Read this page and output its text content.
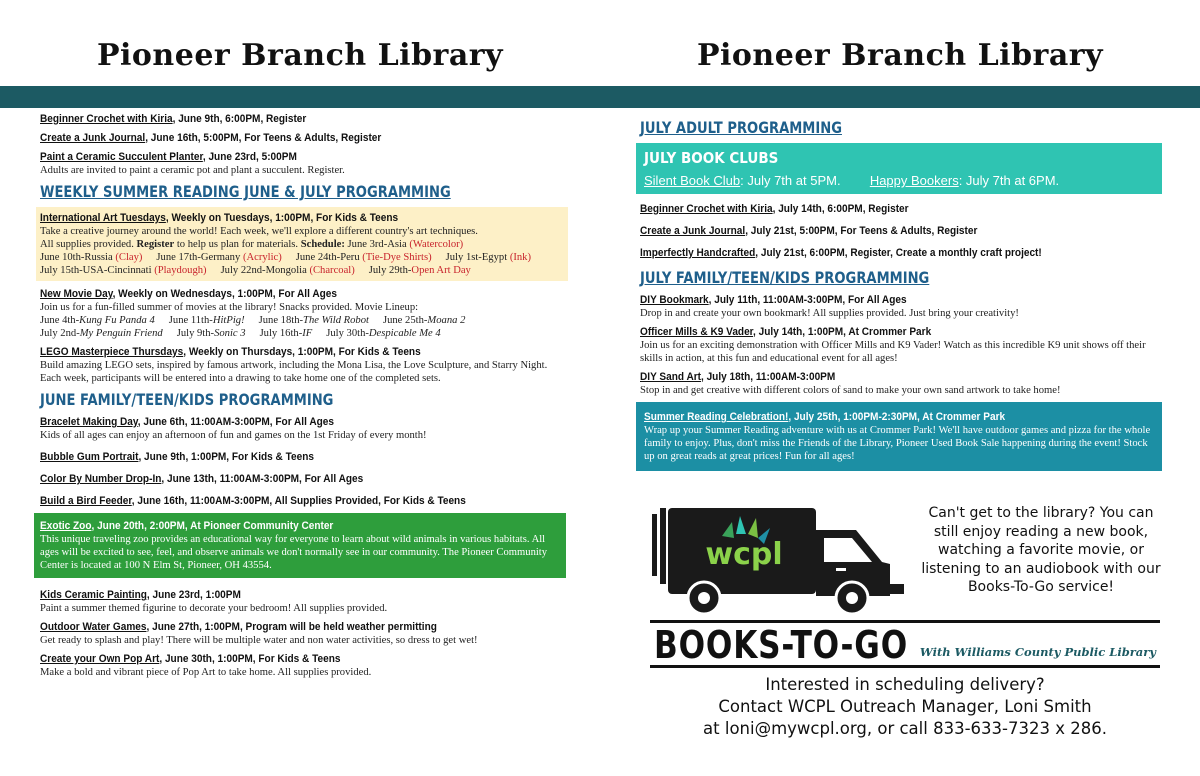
Pioneer Branch Library	Pioneer Branch Library
Beginner Crochet with Kiria, June 9th, 6:00PM, Register
Create a Junk Journal, June 16th, 5:00PM, For Teens & Adults, Register
Paint a Ceramic Succulent Planter, June 23rd, 5:00PM
Adults are invited to paint a ceramic pot and plant a succulent. Register.
WEEKLY SUMMER READING JUNE & JULY PROGRAMMING
International Art Tuesdays, Weekly on Tuesdays, 1:00PM, For Kids & Teens
Take a creative journey around the world! Each week, we'll explore a different country's art techniques.
All supplies provided. Register to help us plan for materials. Schedule: June 3rd-Asia (Watercolor)
June 10th-Russia (Clay) June 17th-Germany (Acrylic) June 24th-Peru (Tie-Dye Shirts) July 1st-Egypt (Ink)
July 15th-USA-Cincinnati (Playdough) July 22nd-Mongolia (Charcoal) July 29th-Open Art Day
New Movie Day, Weekly on Wednesdays, 1:00PM, For All Ages
Join us for a fun-filled summer of movies at the library! Snacks provided. Movie Lineup:
June 4th-Kung Fu Panda 4 June 11th-HitPig! June 18th-The Wild Robot June 25th-Moana 2
July 2nd-My Penguin Friend July 9th-Sonic 3 July 16th-IF July 30th-Despicable Me 4
LEGO Masterpiece Thursdays, Weekly on Thursdays, 1:00PM, For Kids & Teens
Build amazing LEGO sets, inspired by famous artwork, including the Mona Lisa, the Love Sculpture, and Starry Night. Each week, participants will be entered into a drawing to take home one of the completed sets.
JUNE FAMILY/TEEN/KIDS PROGRAMMING
Bracelet Making Day, June 6th, 11:00AM-3:00PM, For All Ages
Kids of all ages can enjoy an afternoon of fun and games on the 1st Friday of every month!
Bubble Gum Portrait, June 9th, 1:00PM, For Kids & Teens
Color By Number Drop-In, June 13th, 11:00AM-3:00PM, For All Ages
Build a Bird Feeder, June 16th, 11:00AM-3:00PM, All Supplies Provided, For Kids & Teens
Exotic Zoo, June 20th, 2:00PM, At Pioneer Community Center
This unique traveling zoo provides an educational way for everyone to learn about wild animals in various habitats. All ages will be excited to see, feel, and observe animals we don't normally see in our community. The Pioneer Community Center is located at 100 N Elm St, Pioneer, OH 43554.
Kids Ceramic Painting, June 23rd, 1:00PM
Paint a summer themed figurine to decorate your bedroom! All supplies provided.
Outdoor Water Games, June 27th, 1:00PM, Program will be held weather permitting
Get ready to splash and play! There will be multiple water and non water activities, so dress to get wet!
Create your Own Pop Art, June 30th, 1:00PM, For Kids & Teens
Make a bold and vibrant piece of Pop Art to take home. All supplies provided.
JULY ADULT PROGRAMMING
JULY BOOK CLUBS
Silent Book Club: July 7th at 5PM. Happy Bookers: July 7th at 6PM.
Beginner Crochet with Kiria, July 14th, 6:00PM, Register
Create a Junk Journal, July 21st, 5:00PM, For Teens & Adults, Register
Imperfectly Handcrafted, July 21st, 6:00PM, Register, Create a monthly craft project!
JULY FAMILY/TEEN/KIDS PROGRAMMING
DIY Bookmark, July 11th, 11:00AM-3:00PM, For All Ages
Drop in and create your own bookmark! All supplies provided. Just bring your creativity!
Officer Mills & K9 Vader, July 14th, 1:00PM, At Crommer Park
Join us for an exciting demonstration with Officer Mills and K9 Vader! Watch as this incredible K9 unit shows off their skills in action, at this fun and educational event for all ages!
DIY Sand Art, July 18th, 11:00AM-3:00PM
Stop in and get creative with different colors of sand to make your own sand artwork to take home!
Summer Reading Celebration!, July 25th, 1:00PM-2:30PM, At Crommer Park
Wrap up your Summer Reading adventure with us at Crommer Park! We'll have outdoor games and pizza for the whole family to enjoy. Plus, don't miss the Friends of the Library, Pioneer Used Book Sale happening during the event! Stock up on great reads at great prices! Fun for all ages!
wcpl
Can't get to the library? You can still enjoy reading a new book, watching a favorite movie, or listening to an audiobook with our Books-To-Go service!
BOOKS-TO-GO With Williams County Public Library
Interested in scheduling delivery?
Contact WCPL Outreach Manager, Loni Smith
at loni@mywcpl.org, or call 833-633-7323 x 286.
